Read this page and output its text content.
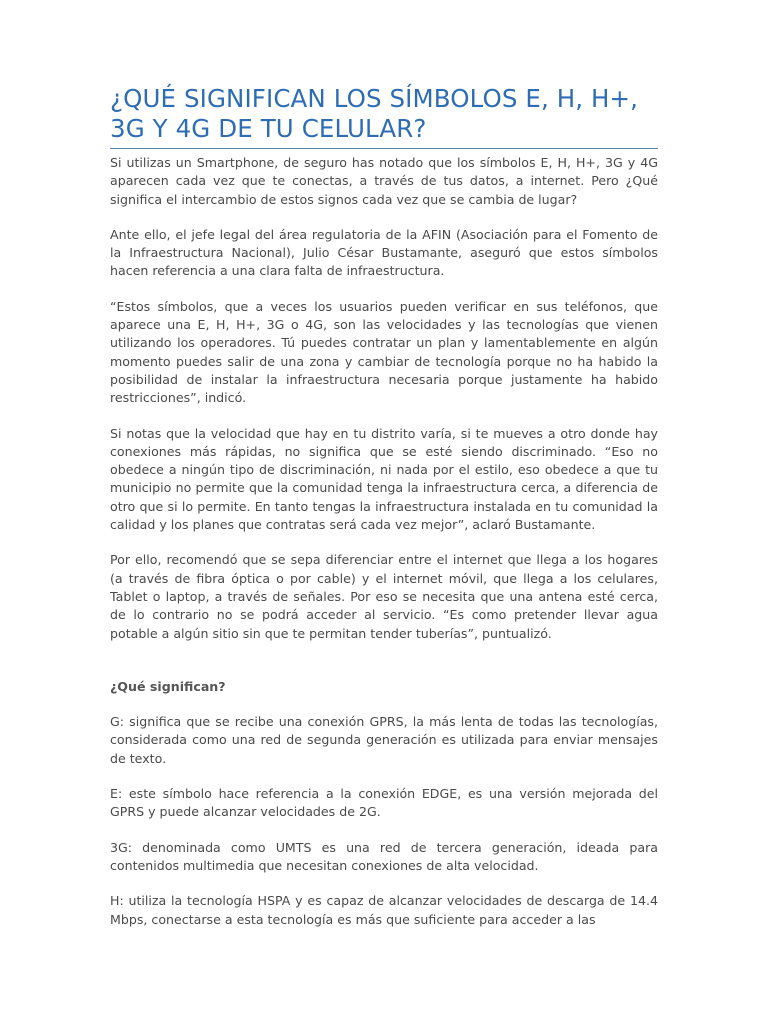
¿QUÉ SIGNIFICAN LOS SÍMBOLOS E, H, H+, 3G Y 4G DE TU CELULAR?

Si utilizas un Smartphone, de seguro has notado que los símbolos E, H, H+, 3G y 4G aparecen cada vez que te conectas, a través de tus datos, a internet. Pero ¿Qué significa el intercambio de estos signos cada vez que se cambia de lugar?

Ante ello, el jefe legal del área regulatoria de la AFIN (Asociación para el Fomento de la Infraestructura Nacional), Julio César Bustamante, aseguró que estos símbolos hacen referencia a una clara falta de infraestructura.

“Estos símbolos, que a veces los usuarios pueden verificar en sus teléfonos, que aparece una E, H, H+, 3G o 4G, son las velocidades y las tecnologías que vienen utilizando los operadores. Tú puedes contratar un plan y lamentablemente en algún momento puedes salir de una zona y cambiar de tecnología porque no ha habido la posibilidad de instalar la infraestructura necesaria porque justamente ha habido restricciones”, indicó.

Si notas que la velocidad que hay en tu distrito varía, si te mueves a otro donde hay conexiones más rápidas, no significa que se esté siendo discriminado. “Eso no obedece a ningún tipo de discriminación, ni nada por el estilo, eso obedece a que tu municipio no permite que la comunidad tenga la infraestructura cerca, a diferencia de otro que si lo permite. En tanto tengas la infraestructura instalada en tu comunidad la calidad y los planes que contratas será cada vez mejor”, aclaró Bustamante.

Por ello, recomendó que se sepa diferenciar entre el internet que llega a los hogares (a través de fibra óptica o por cable) y el internet móvil, que llega a los celulares, Tablet o laptop, a través de señales. Por eso se necesita que una antena esté cerca, de lo contrario no se podrá acceder al servicio. “Es como pretender llevar agua potable a algún sitio sin que te permitan tender tuberías”, puntualizó.

¿Qué significan?

G: significa que se recibe una conexión GPRS, la más lenta de todas las tecnologías, considerada como una red de segunda generación es utilizada para enviar mensajes de texto.

E: este símbolo hace referencia a la conexión EDGE, es una versión mejorada del GPRS y puede alcanzar velocidades de 2G.

3G: denominada como UMTS es una red de tercera generación, ideada para contenidos multimedia que necesitan conexiones de alta velocidad.

H: utiliza la tecnología HSPA y es capaz de alcanzar velocidades de descarga de 14.4 Mbps, conectarse a esta tecnología es más que suficiente para acceder a las
